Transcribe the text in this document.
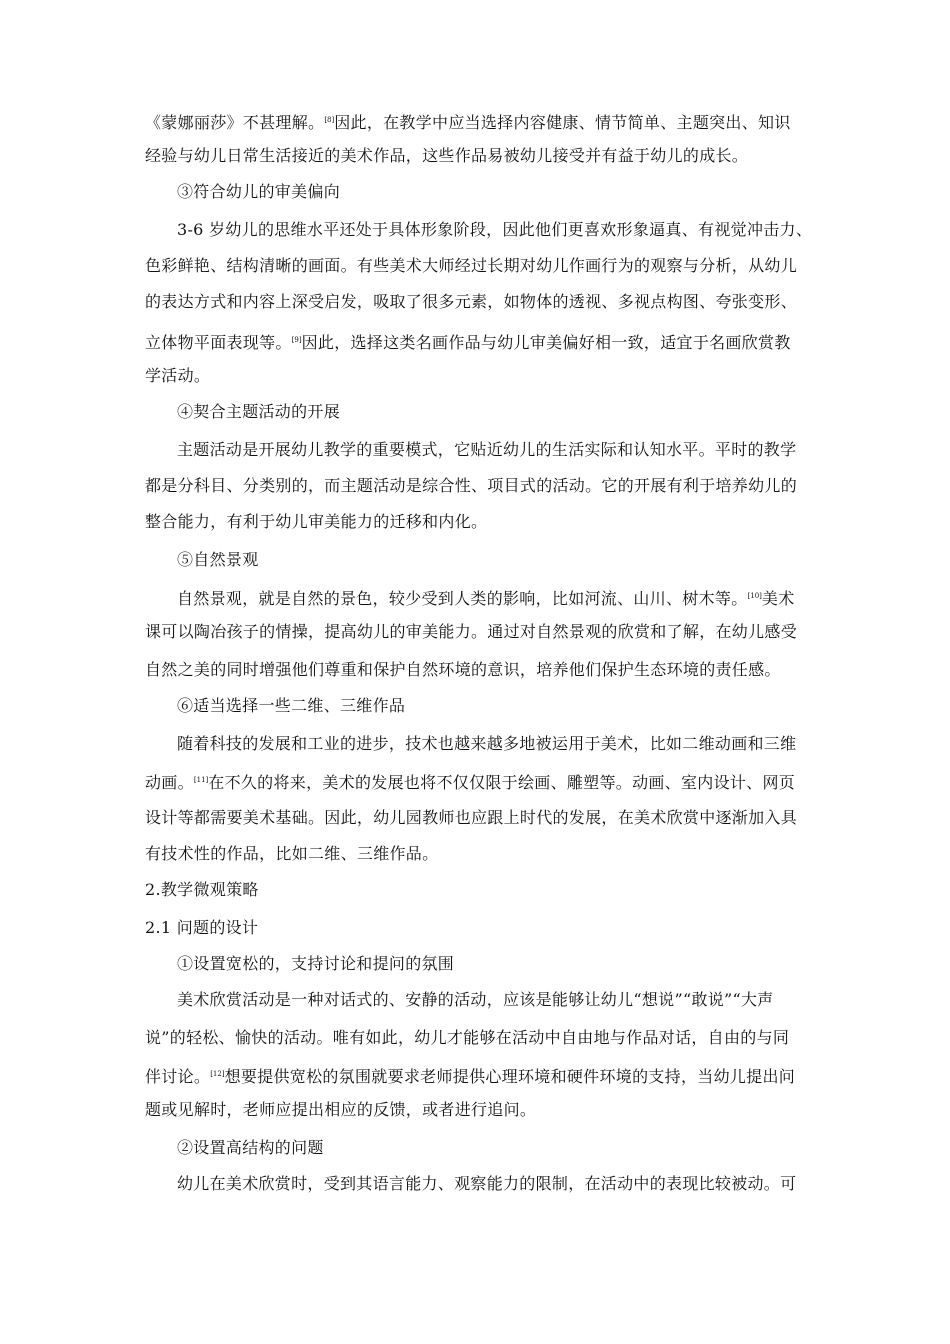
《蒙娜丽莎》不甚理解。[8]因此，在教学中应当选择内容健康、情节简单、主题突出、知识
经验与幼儿日常生活接近的美术作品，这些作品易被幼儿接受并有益于幼儿的成长。
③符合幼儿的审美偏向
3-6 岁幼儿的思维水平还处于具体形象阶段，因此他们更喜欢形象逼真、有视觉冲击力、
色彩鲜艳、结构清晰的画面。有些美术大师经过长期对幼儿作画行为的观察与分析，从幼儿
的表达方式和内容上深受启发，吸取了很多元素，如物体的透视、多视点构图、夸张变形、
立体物平面表现等。[9]因此，选择这类名画作品与幼儿审美偏好相一致，适宜于名画欣赏教
学活动。
④契合主题活动的开展
主题活动是开展幼儿教学的重要模式，它贴近幼儿的生活实际和认知水平。平时的教学
都是分科目、分类别的，而主题活动是综合性、项目式的活动。它的开展有利于培养幼儿的
整合能力，有利于幼儿审美能力的迁移和内化。
⑤自然景观
自然景观，就是自然的景色，较少受到人类的影响，比如河流、山川、树木等。[10]美术
课可以陶冶孩子的情操，提高幼儿的审美能力。通过对自然景观的欣赏和了解，在幼儿感受
自然之美的同时增强他们尊重和保护自然环境的意识，培养他们保护生态环境的责任感。
⑥适当选择一些二维、三维作品
随着科技的发展和工业的进步，技术也越来越多地被运用于美术，比如二维动画和三维
动画。[11]在不久的将来，美术的发展也将不仅仅限于绘画、雕塑等。动画、室内设计、网页
设计等都需要美术基础。因此，幼儿园教师也应跟上时代的发展，在美术欣赏中逐渐加入具
有技术性的作品，比如二维、三维作品。
2.教学微观策略
2.1 问题的设计
①设置宽松的，支持讨论和提问的氛围
美术欣赏活动是一种对话式的、安静的活动，应该是能够让幼儿“想说”“敢说”“大声
说”的轻松、愉快的活动。唯有如此，幼儿才能够在活动中自由地与作品对话，自由的与同
伴讨论。[12]想要提供宽松的氛围就要求老师提供心理环境和硬件环境的支持，当幼儿提出问
题或见解时，老师应提出相应的反馈，或者进行追问。
②设置高结构的问题
幼儿在美术欣赏时，受到其语言能力、观察能力的限制，在活动中的表现比较被动。可
